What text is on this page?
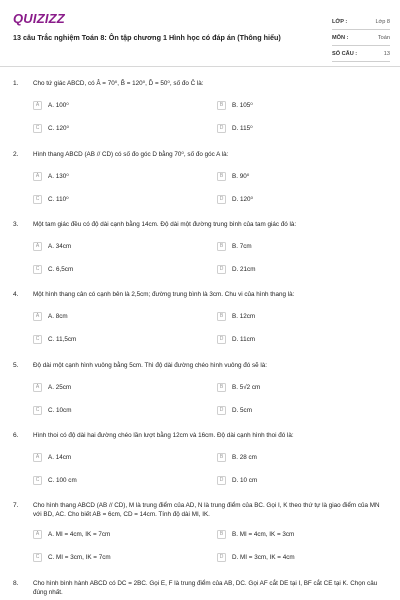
QUIZIZZ
13 câu Trắc nghiệm Toán 8: Ôn tập chương 1 Hình học có đáp án (Thông hiểu)
LỚP :	Lớp 8
MÔN :	Toán
SỐ CÂU :	13
1. Cho tứ giác ABCD, có Â = 70⁰, B̂ = 120⁰, D̂ = 50⁰, số đo Ĉ là:
A	A. 100⁰	B	B. 105⁰
C	C. 120⁰	D	D. 115⁰
2. Hình thang ABCD (AB // CD) có số đo góc D bằng 70⁰, số đo góc A là:
A	A. 130⁰	B	B. 90⁰
C	C. 110⁰	D	D. 120⁰
3. Một tam giác đều có độ dài cạnh bằng 14cm. Độ dài một đường trung bình của tam giác đó là:
A	A. 34cm	B	B. 7cm
C	C. 6,5cm	D	D. 21cm
4. Một hình thang cân có cạnh bên là 2,5cm; đường trung bình là 3cm. Chu vi của hình thang là:
A	A. 8cm	B	B. 12cm
C	C. 11,5cm	D	D. 11cm
5. Độ dài một cạnh hình vuông bằng 5cm. Thì độ dài đường chéo hình vuông đó sẽ là:
A	A. 25cm	B	B. 5√2 cm
C	C. 10cm	D	D. 5cm
6. Hình thoi có độ dài hai đường chéo lần lượt bằng 12cm và 16cm. Độ dài cạnh hình thoi đó là:
A	A. 14cm	B	B. 28 cm
C	C. 100 cm	D	D. 10 cm
7. Cho hình thang ABCD (AB // CD), M là trung điểm của AD, N là trung điểm của BC. Gọi I, K theo thứ tự là giao điểm của MN với BD, AC. Cho biết AB = 6cm, CD = 14cm. Tính độ dài MI, IK.
A	A. MI = 4cm, IK = 7cm	B	B. MI = 4cm, IK = 3cm
C	C. MI = 3cm, IK = 7cm	D	D. MI = 3cm, IK = 4cm
8. Cho hình bình hành ABCD có DC = 2BC. Gọi E, F là trung điểm của AB, DC. Gọi AF cắt DE tại I, BF cắt CE tại K. Chọn câu đúng nhất.
